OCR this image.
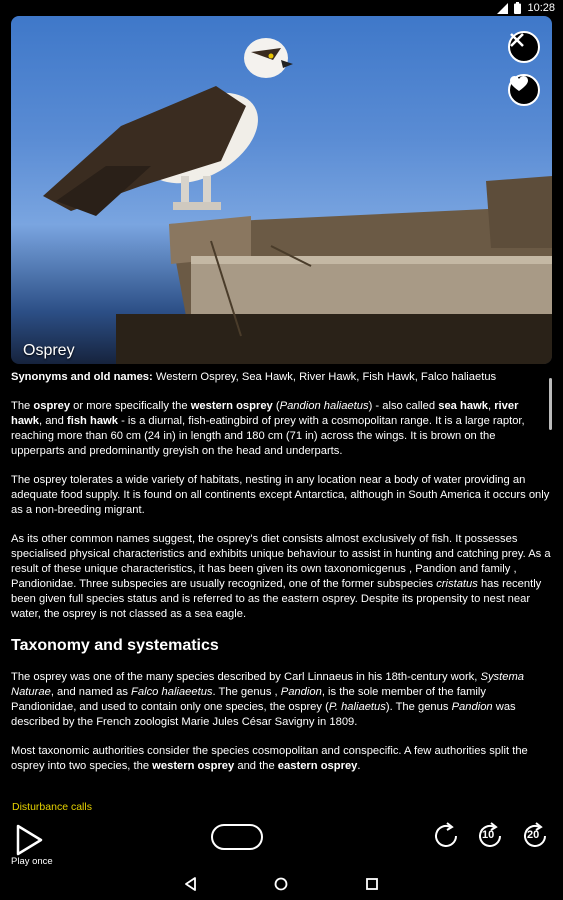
10:28
Osprey

Synonyms and old names: Western Osprey, Sea Hawk, River Hawk, Fish Hawk, Falco haliaetus

The osprey or more specifically the western osprey (Pandion haliaetus) - also called sea hawk, river hawk, and fish hawk - is a diurnal, fish-eatingbird of prey with a cosmopolitan range. It is a large raptor, reaching more than 60 cm (24 in) in length and 180 cm (71 in) across the wings. It is brown on the upperparts and predominantly greyish on the head and underparts.

The osprey tolerates a wide variety of habitats, nesting in any location near a body of water providing an adequate food supply. It is found on all continents except Antarctica, although in South America it occurs only as a non-breeding migrant.

As its other common names suggest, the osprey's diet consists almost exclusively of fish. It possesses specialised physical characteristics and exhibits unique behaviour to assist in hunting and catching prey. As a result of these unique characteristics, it has been given its own taxonomicgenus , Pandion and family , Pandionidae. Three subspecies are usually recognized, one of the former subspecies cristatus has recently been given full species status and is referred to as the eastern osprey. Despite its propensity to nest near water, the osprey is not classed as a sea eagle.

Taxonomy and systematics

The osprey was one of the many species described by Carl Linnaeus in his 18th-century work, Systema Naturae, and named as Falco haliaeetus. The genus , Pandion, is the sole member of the family Pandionidae, and used to contain only one species, the osprey (P. haliaetus). The genus Pandion was described by the French zoologist Marie Jules César Savigny in 1809.

Most taxonomic authorities consider the species cosmopolitan and conspecific. A few authorities split the osprey into two species, the western osprey and the eastern osprey.

Disturbance calls
Play once
10	20
